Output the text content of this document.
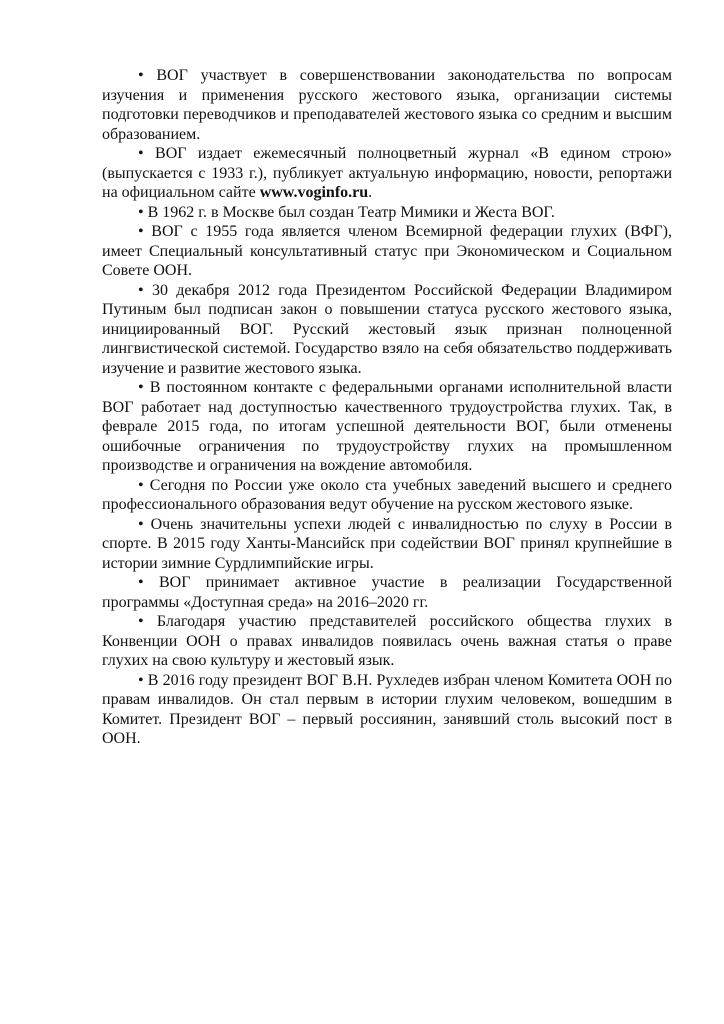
• ВОГ участвует в совершенствовании законодательства по вопросам изучения и применения русского жестового языка, организации системы подготовки переводчиков и преподавателей жестового языка со средним и высшим образованием.

• ВОГ издает ежемесячный полноцветный журнал «В едином строю» (выпускается с 1933 г.), публикует актуальную информацию, новости, репортажи на официальном сайте www.voginfo.ru.

• В 1962 г. в Москве был создан Театр Мимики и Жеста ВОГ.

• ВОГ с 1955 года является членом Всемирной федерации глухих (ВФГ), имеет Специальный консультативный статус при Экономическом и Социальном Совете ООН.

• 30 декабря 2012 года Президентом Российской Федерации Владимиром Путиным был подписан закон о повышении статуса русского жестового языка, инициированный ВОГ. Русский жестовый язык признан полноценной лингвистической системой. Государство взяло на себя обязательство поддерживать изучение и развитие жестового языка.

• В постоянном контакте с федеральными органами исполнительной власти ВОГ работает над доступностью качественного трудоустройства глухих. Так, в феврале 2015 года, по итогам успешной деятельности ВОГ, были отменены ошибочные ограничения по трудоустройству глухих на промышленном производстве и ограничения на вождение автомобиля.

• Сегодня по России уже около ста учебных заведений высшего и среднего профессионального образования ведут обучение на русском жестового языке.

• Очень значительны успехи людей с инвалидностью по слуху в России в спорте. В 2015 году Ханты-Мансийск при содействии ВОГ принял крупнейшие в истории зимние Сурдлимпийские игры.

• ВОГ принимает активное участие в реализации Государственной программы «Доступная среда» на 2016–2020 гг.

• Благодаря участию представителей российского общества глухих в Конвенции ООН о правах инвалидов появилась очень важная статья о праве глухих на свою культуру и жестовый язык.

• В 2016 году президент ВОГ В.Н. Рухледев избран членом Комитета ООН по правам инвалидов. Он стал первым в истории глухим человеком, вошедшим в Комитет. Президент ВОГ – первый россиянин, занявший столь высокий пост в ООН.
